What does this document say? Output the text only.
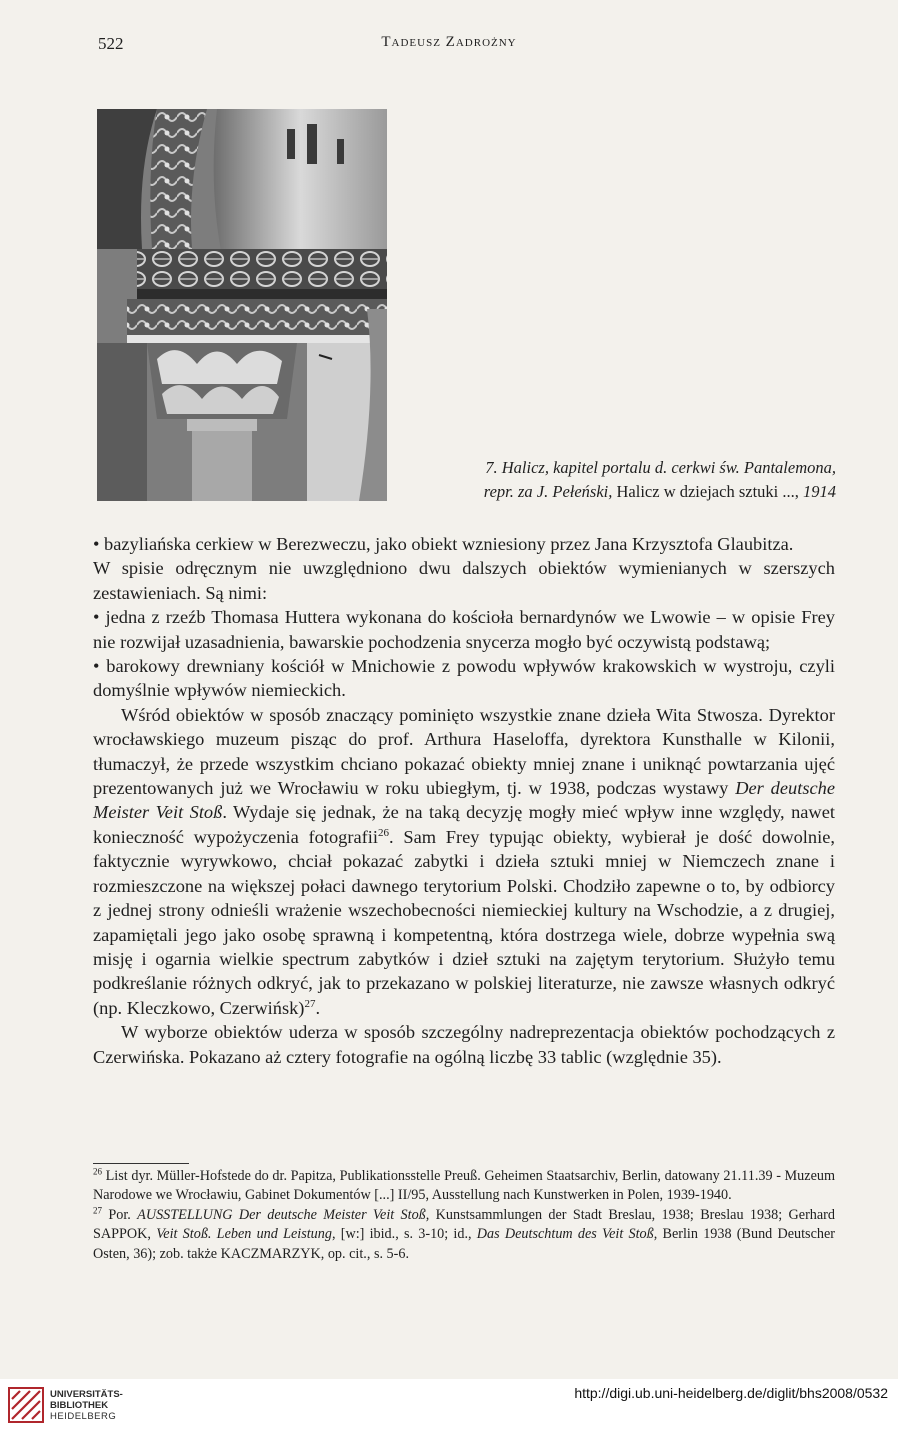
522	Tadeusz Zadrożny
7. Halicz, kapitel portalu d. cerkwi św. Pantalemona,
repr. za J. Pełeński, Halicz w dziejach sztuki ..., 1914

• bazyliańska cerkiew w Berezweczu, jako obiekt wzniesiony przez Jana Krzysztofa Glaubitza.

W spisie odręcznym nie uwzględniono dwu dalszych obiektów wymienianych w szerszych zestawieniach. Są nimi:

• jedna z rzeźb Thomasa Huttera wykonana do kościoła bernardynów we Lwowie – w opisie Frey nie rozwijał uzasadnienia, bawarskie pochodzenia snycerza mogło być oczywistą podstawą;

• barokowy drewniany kościół w Mnichowie z powodu wpływów krakowskich w wystroju, czyli domyślnie wpływów niemieckich.

Wśród obiektów w sposób znaczący pominięto wszystkie znane dzieła Wita Stwosza. Dyrektor wrocławskiego muzeum pisząc do prof. Arthura Haseloffa, dyrektora Kunsthalle w Kilonii, tłumaczył, że przede wszystkim chciano pokazać obiekty mniej znane i uniknąć powtarzania ujęć prezentowanych już we Wrocławiu w roku ubiegłym, tj. w 1938, podczas wystawy Der deutsche Meister Veit Stoß. Wydaje się jednak, że na taką decyzję mogły mieć wpływ inne względy, nawet konieczność wypożyczenia fotografii$^{26}$. Sam Frey typując obiekty, wybierał je dość dowolnie, faktycznie wyrywkowo, chciał pokazać zabytki i dzieła sztuki mniej w Niemczech znane i rozmieszczone na większej połaci dawnego terytorium Polski. Chodziło zapewne o to, by odbiorcy z jednej strony odnieśli wrażenie wszechobecności niemieckiej kultury na Wschodzie, a z drugiej, zapamiętali jego jako osobę sprawną i kompetentną, która dostrzega wiele, dobrze wypełnia swą misję i ogarnia wielkie spectrum zabytków i dzieł sztuki na zajętym terytorium. Służyło temu podkreślanie różnych odkryć, jak to przekazano w polskiej literaturze, nie zawsze własnych odkryć (np. Kleczkowo, Czerwińsk)$^{27}$.

W wyborze obiektów uderza w sposób szczególny nadreprezentacja obiektów pochodzących z Czerwińska. Pokazano aż cztery fotografie na ogólną liczbę 33 tablic (względnie 35).

$^{26}$ List dyr. Müller-Hofstede do dr. Papitza, Publikationsstelle Preuß. Geheimen Staatsarchiv, Berlin, datowany 21.11.39 - Muzeum Narodowe we Wrocławiu, Gabinet Dokumentów [...] II/95, Ausstellung nach Kunstwerken in Polen, 1939-1940.

$^{27}$ Por. AUSSTELLUNG Der deutsche Meister Veit Stoß, Kunstsammlungen der Stadt Breslau, 1938; Breslau 1938; Gerhard SAPPOK, Veit Stoß. Leben und Leistung, [w:] ibid., s. 3-10; id., Das Deutschtum des Veit Stoß, Berlin 1938 (Bund Deutscher Osten, 36); zob. także KACZMARZYK, op. cit., s. 5-6.

UNIVERSITÄTS-
BIBLIOTHEK
HEIDELBERG
http://digi.ub.uni-heidelberg.de/diglit/bhs2008/0532
